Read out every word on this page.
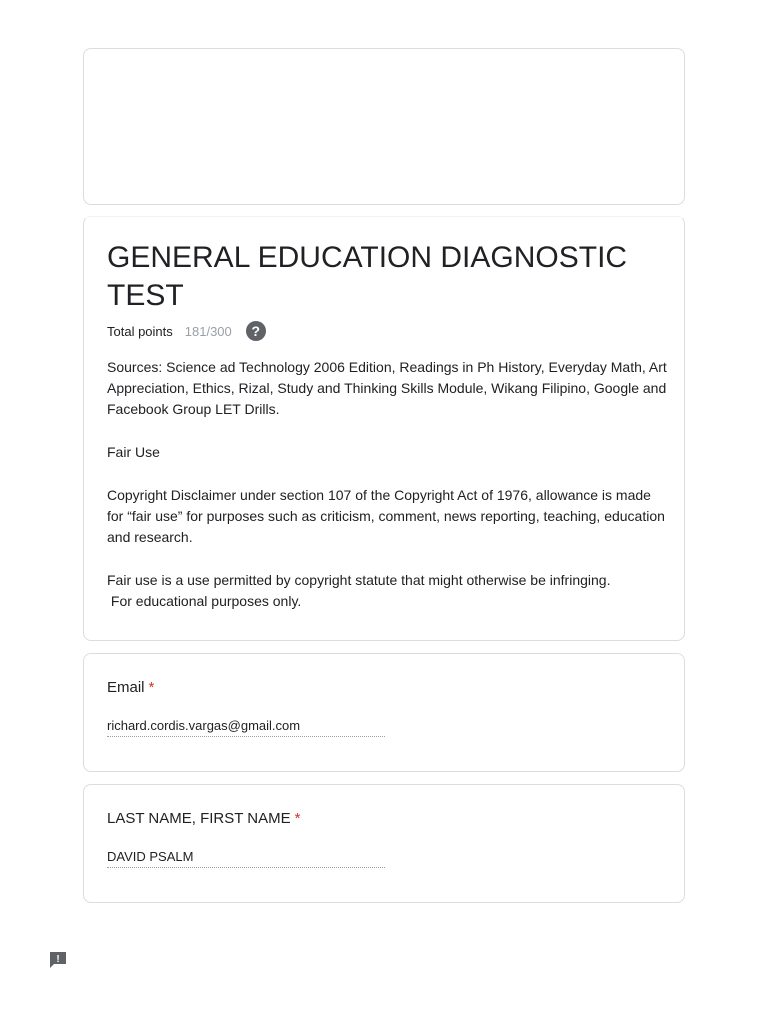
GENERAL EDUCATION DIAGNOSTIC TEST
Total points 181/300	?

Sources: Science ad Technology 2006 Edition, Readings in Ph History, Everyday Math, Art Appreciation, Ethics, Rizal, Study and Thinking Skills Module, Wikang Filipino, Google and Facebook Group LET Drills.

Fair Use

Copyright Disclaimer under section 107 of the Copyright Act of 1976, allowance is made for “fair use” for purposes such as criticism, comment, news reporting, teaching, education and research.

Fair use is a use permitted by copyright statute that might otherwise be infringing.
For educational purposes only.

Email *
richard.cordis.vargas@gmail.com
LAST NAME, FIRST NAME *
DAVID PSALM
!
